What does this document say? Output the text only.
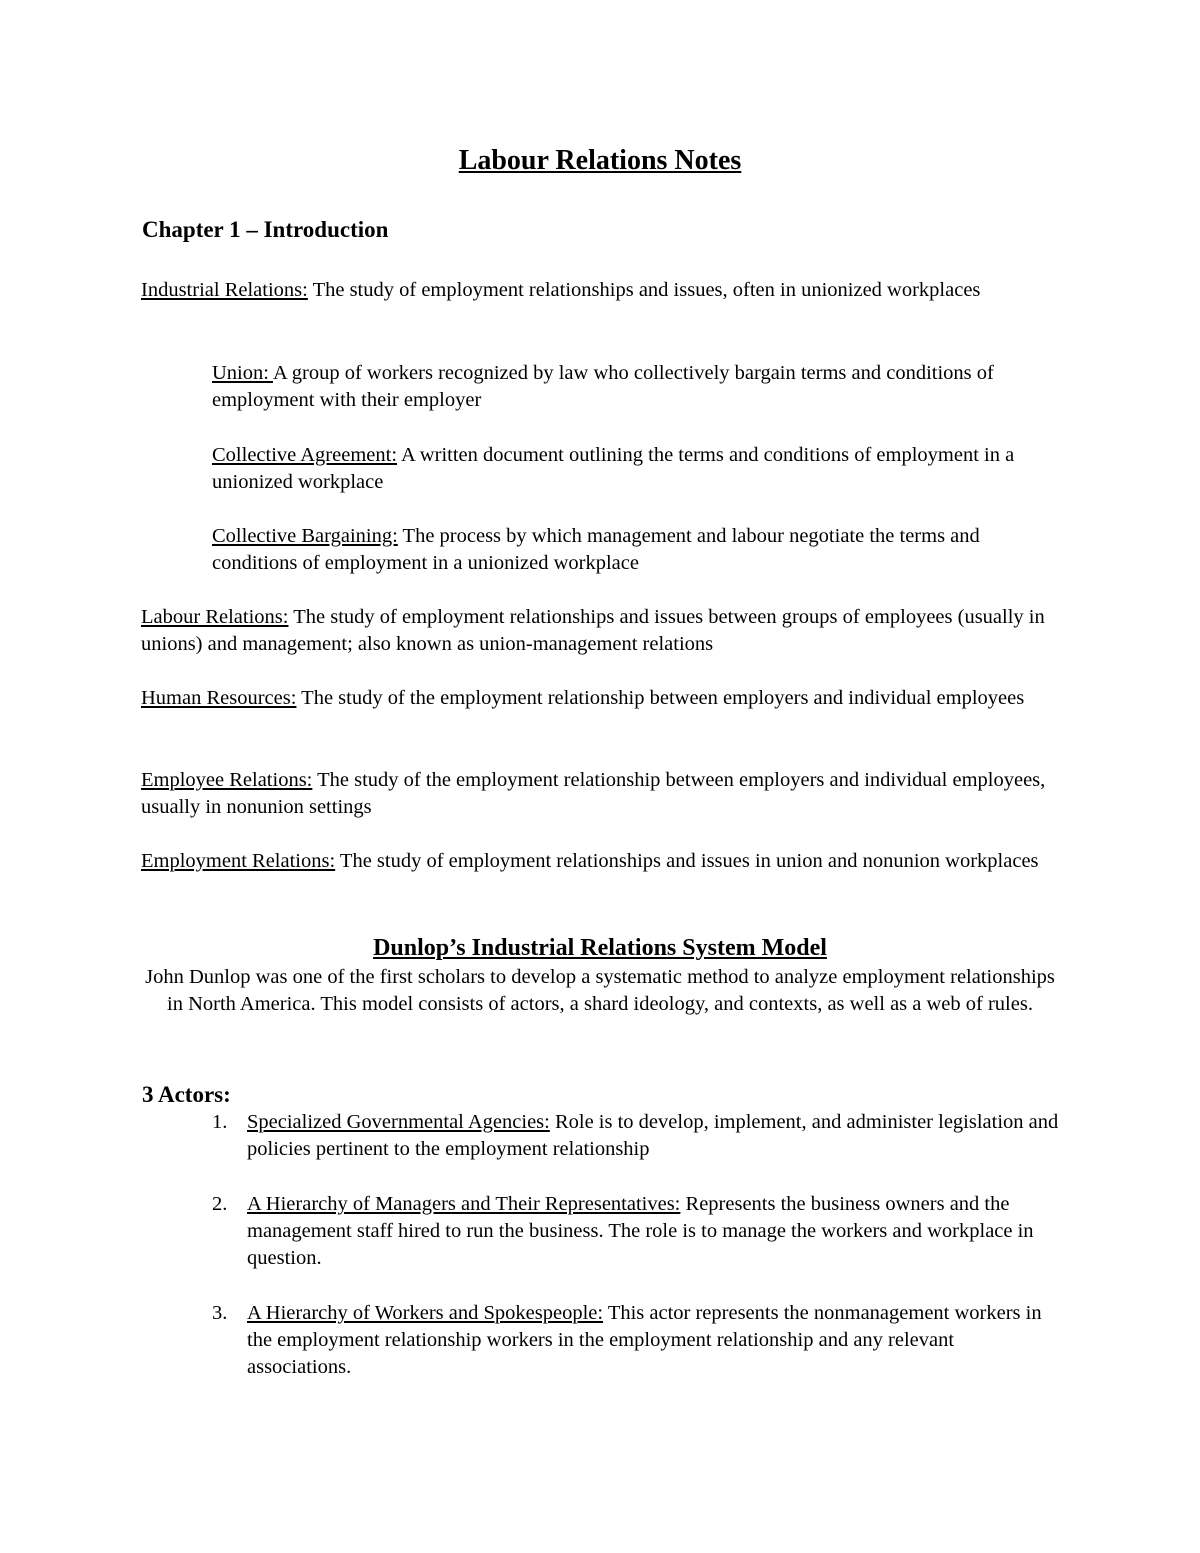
Labour Relations Notes
Chapter 1 – Introduction
Industrial Relations: The study of employment relationships and issues, often in unionized workplaces
Union: A group of workers recognized by law who collectively bargain terms and conditions of employment with their employer
Collective Agreement: A written document outlining the terms and conditions of employment in a unionized workplace
Collective Bargaining: The process by which management and labour negotiate the terms and conditions of employment in a unionized workplace
Labour Relations: The study of employment relationships and issues between groups of employees (usually in unions) and management; also known as union-management relations
Human Resources: The study of the employment relationship between employers and individual employees
Employee Relations: The study of the employment relationship between employers and individual employees, usually in nonunion settings
Employment Relations: The study of employment relationships and issues in union and nonunion workplaces
Dunlop’s Industrial Relations System Model
John Dunlop was one of the first scholars to develop a systematic method to analyze employment relationships in North America. This model consists of actors, a shard ideology, and contexts, as well as a web of rules.
3 Actors:
1. Specialized Governmental Agencies: Role is to develop, implement, and administer legislation and policies pertinent to the employment relationship
2. A Hierarchy of Managers and Their Representatives: Represents the business owners and the management staff hired to run the business. The role is to manage the workers and workplace in question.
3. A Hierarchy of Workers and Spokespeople: This actor represents the nonmanagement workers in the employment relationship workers in the employment relationship and any relevant associations.
